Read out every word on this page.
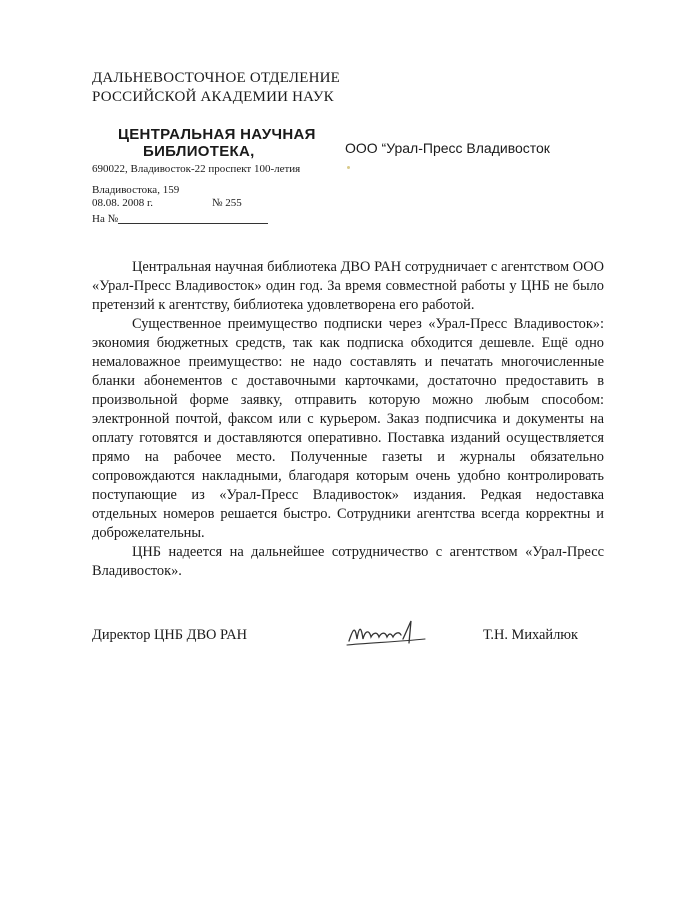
ДАЛЬНЕВОСТОЧНОЕ ОТДЕЛЕНИЕ
РОССИЙСКОЙ АКАДЕМИИ НАУК
ЦЕНТРАЛЬНАЯ НАУЧНАЯ
БИБЛИОТЕКА,	ООО “Урал-Пресс Владивосток
690022, Владивосток-22 проспект 100-летия
Владивостока, 159
08.08. 2008 г.	№ 255
На №

Центральная научная библиотека ДВО РАН сотрудничает с агентством ООО «Урал-Пресс Владивосток» один год. За время совместной работы у ЦНБ не было претензий к агентству, библиотека удовлетворена его работой.

Существенное преимущество подписки через «Урал-Пресс Владивосток»: экономия бюджетных средств, так как подписка обходится дешевле. Ещё одно немаловажное преимущество: не надо составлять и печатать многочисленные бланки абонементов с доставочными карточками, достаточно предоставить в произвольной форме заявку, отправить которую можно любым способом: электронной почтой, факсом или с курьером. Заказ подписчика и документы на оплату готовятся и доставляются оперативно. Поставка изданий осуществляется прямо на рабочее место. Полученные газеты и журналы обязательно сопровождаются накладными, благодаря которым очень удобно контролировать поступающие из «Урал-Пресс Владивосток» издания. Редкая недоставка отдельных номеров решается быстро. Сотрудники агентства всегда корректны и доброжелательны.

ЦНБ надеется на дальнейшее сотрудничество с агентством «Урал-Пресс Владивосток».

Директор ЦНБ ДВО РАН	Т.Н. Михайлюк
